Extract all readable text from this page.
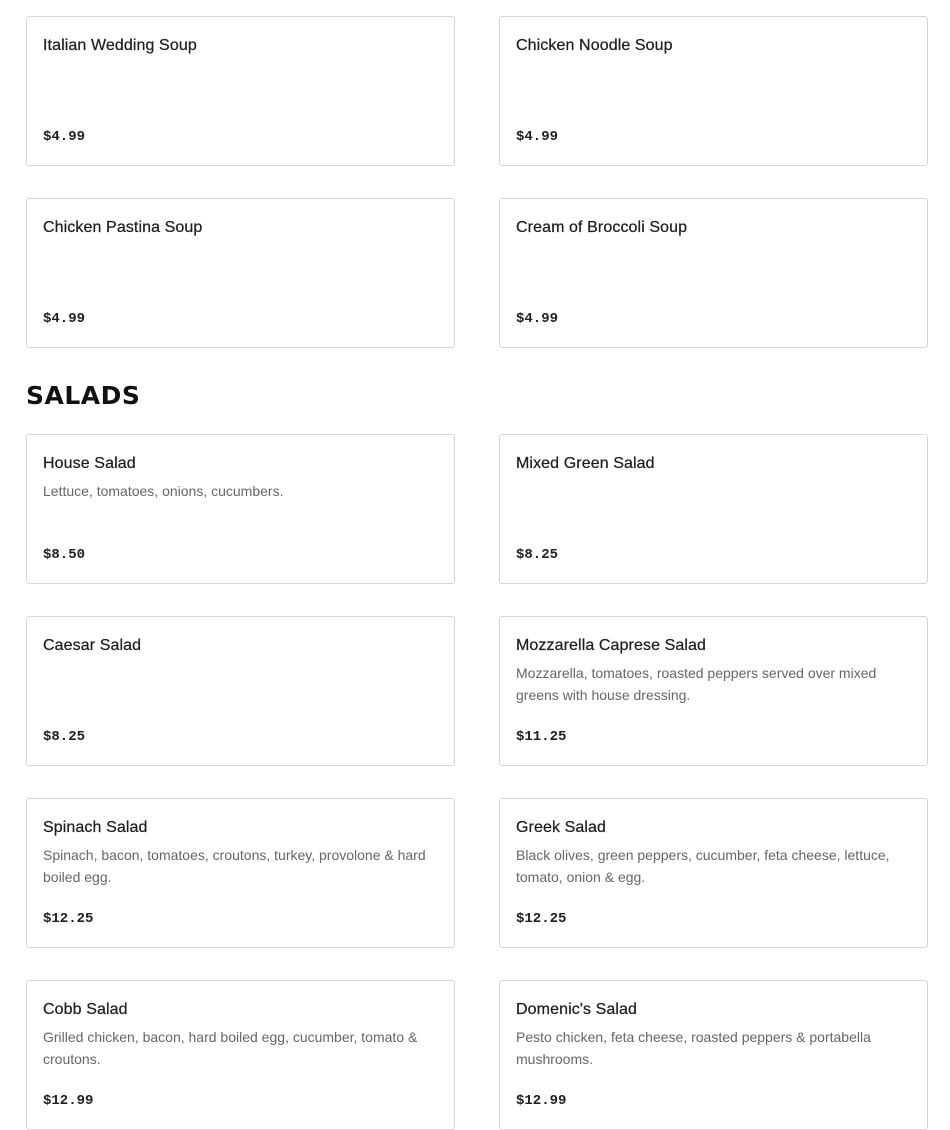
Italian Wedding Soup
$4.99
Chicken Noodle Soup
$4.99
Chicken Pastina Soup
$4.99
Cream of Broccoli Soup
$4.99
SALADS
House Salad
Lettuce, tomatoes, onions, cucumbers.
$8.50
Mixed Green Salad
$8.25
Caesar Salad
$8.25
Mozzarella Caprese Salad
Mozzarella, tomatoes, roasted peppers served over mixed greens with house dressing.
$11.25
Spinach Salad
Spinach, bacon, tomatoes, croutons, turkey, provolone & hard boiled egg.
$12.25
Greek Salad
Black olives, green peppers, cucumber, feta cheese, lettuce, tomato, onion & egg.
$12.25
Cobb Salad
Grilled chicken, bacon, hard boiled egg, cucumber, tomato & croutons.
$12.99
Domenic's Salad
Pesto chicken, feta cheese, roasted peppers & portabella mushrooms.
$12.99
